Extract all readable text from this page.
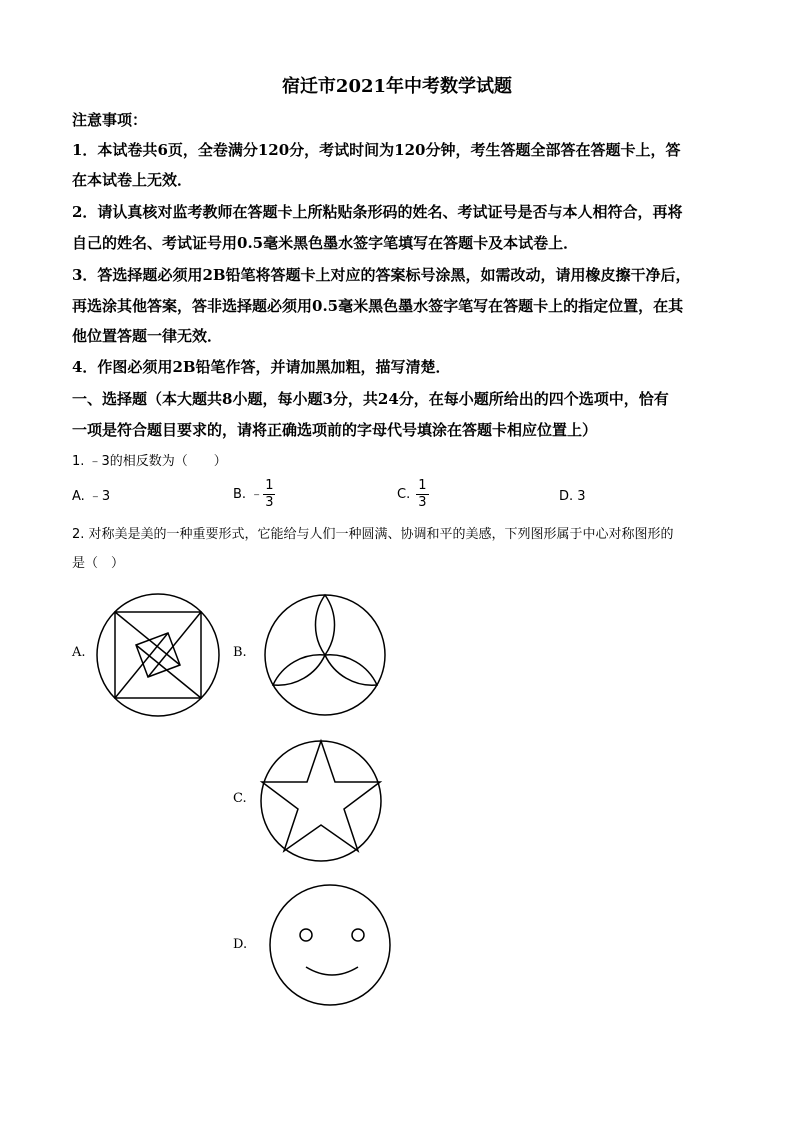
宿迁市2021年中考数学试题
注意事项：
1．本试卷共6页，全卷满分120分，考试时间为120分钟，考生答题全部答在答题卡上，答
在本试卷上无效．
2．请认真核对监考教师在答题卡上所粘贴条形码的姓名、考试证号是否与本人相符合，再将
自己的姓名、考试证号用0.5毫米黑色墨水签字笔填写在答题卡及本试卷上．
3．答选择题必须用2B铅笔将答题卡上对应的答案标号涂黑，如需改动，请用橡皮擦干净后，
再选涂其他答案，答非选择题必须用0.5毫米黑色墨水签字笔写在答题卡上的指定位置，在其
他位置答题一律无效．
4．作图必须用2B铅笔作答，并请加黑加粗，描写清楚．
一、选择题（本大题共8小题，每小题3分，共24分，在每小题所给出的四个选项中，恰有
一项是符合题目要求的，请将正确选项前的字母代号填涂在答题卡相应位置上）
1. ﹣3的相反数为（　　）
A. ﹣3	B. ﹣ $\frac{1}{3}$	C. $\frac{1}{3}$	D. 3
2. 对称美是美的一种重要形式，它能给与人们一种圆满、协调和平的美感，下列图形属于中心对称图形的
是（　）
A.	B.
C.
D.
